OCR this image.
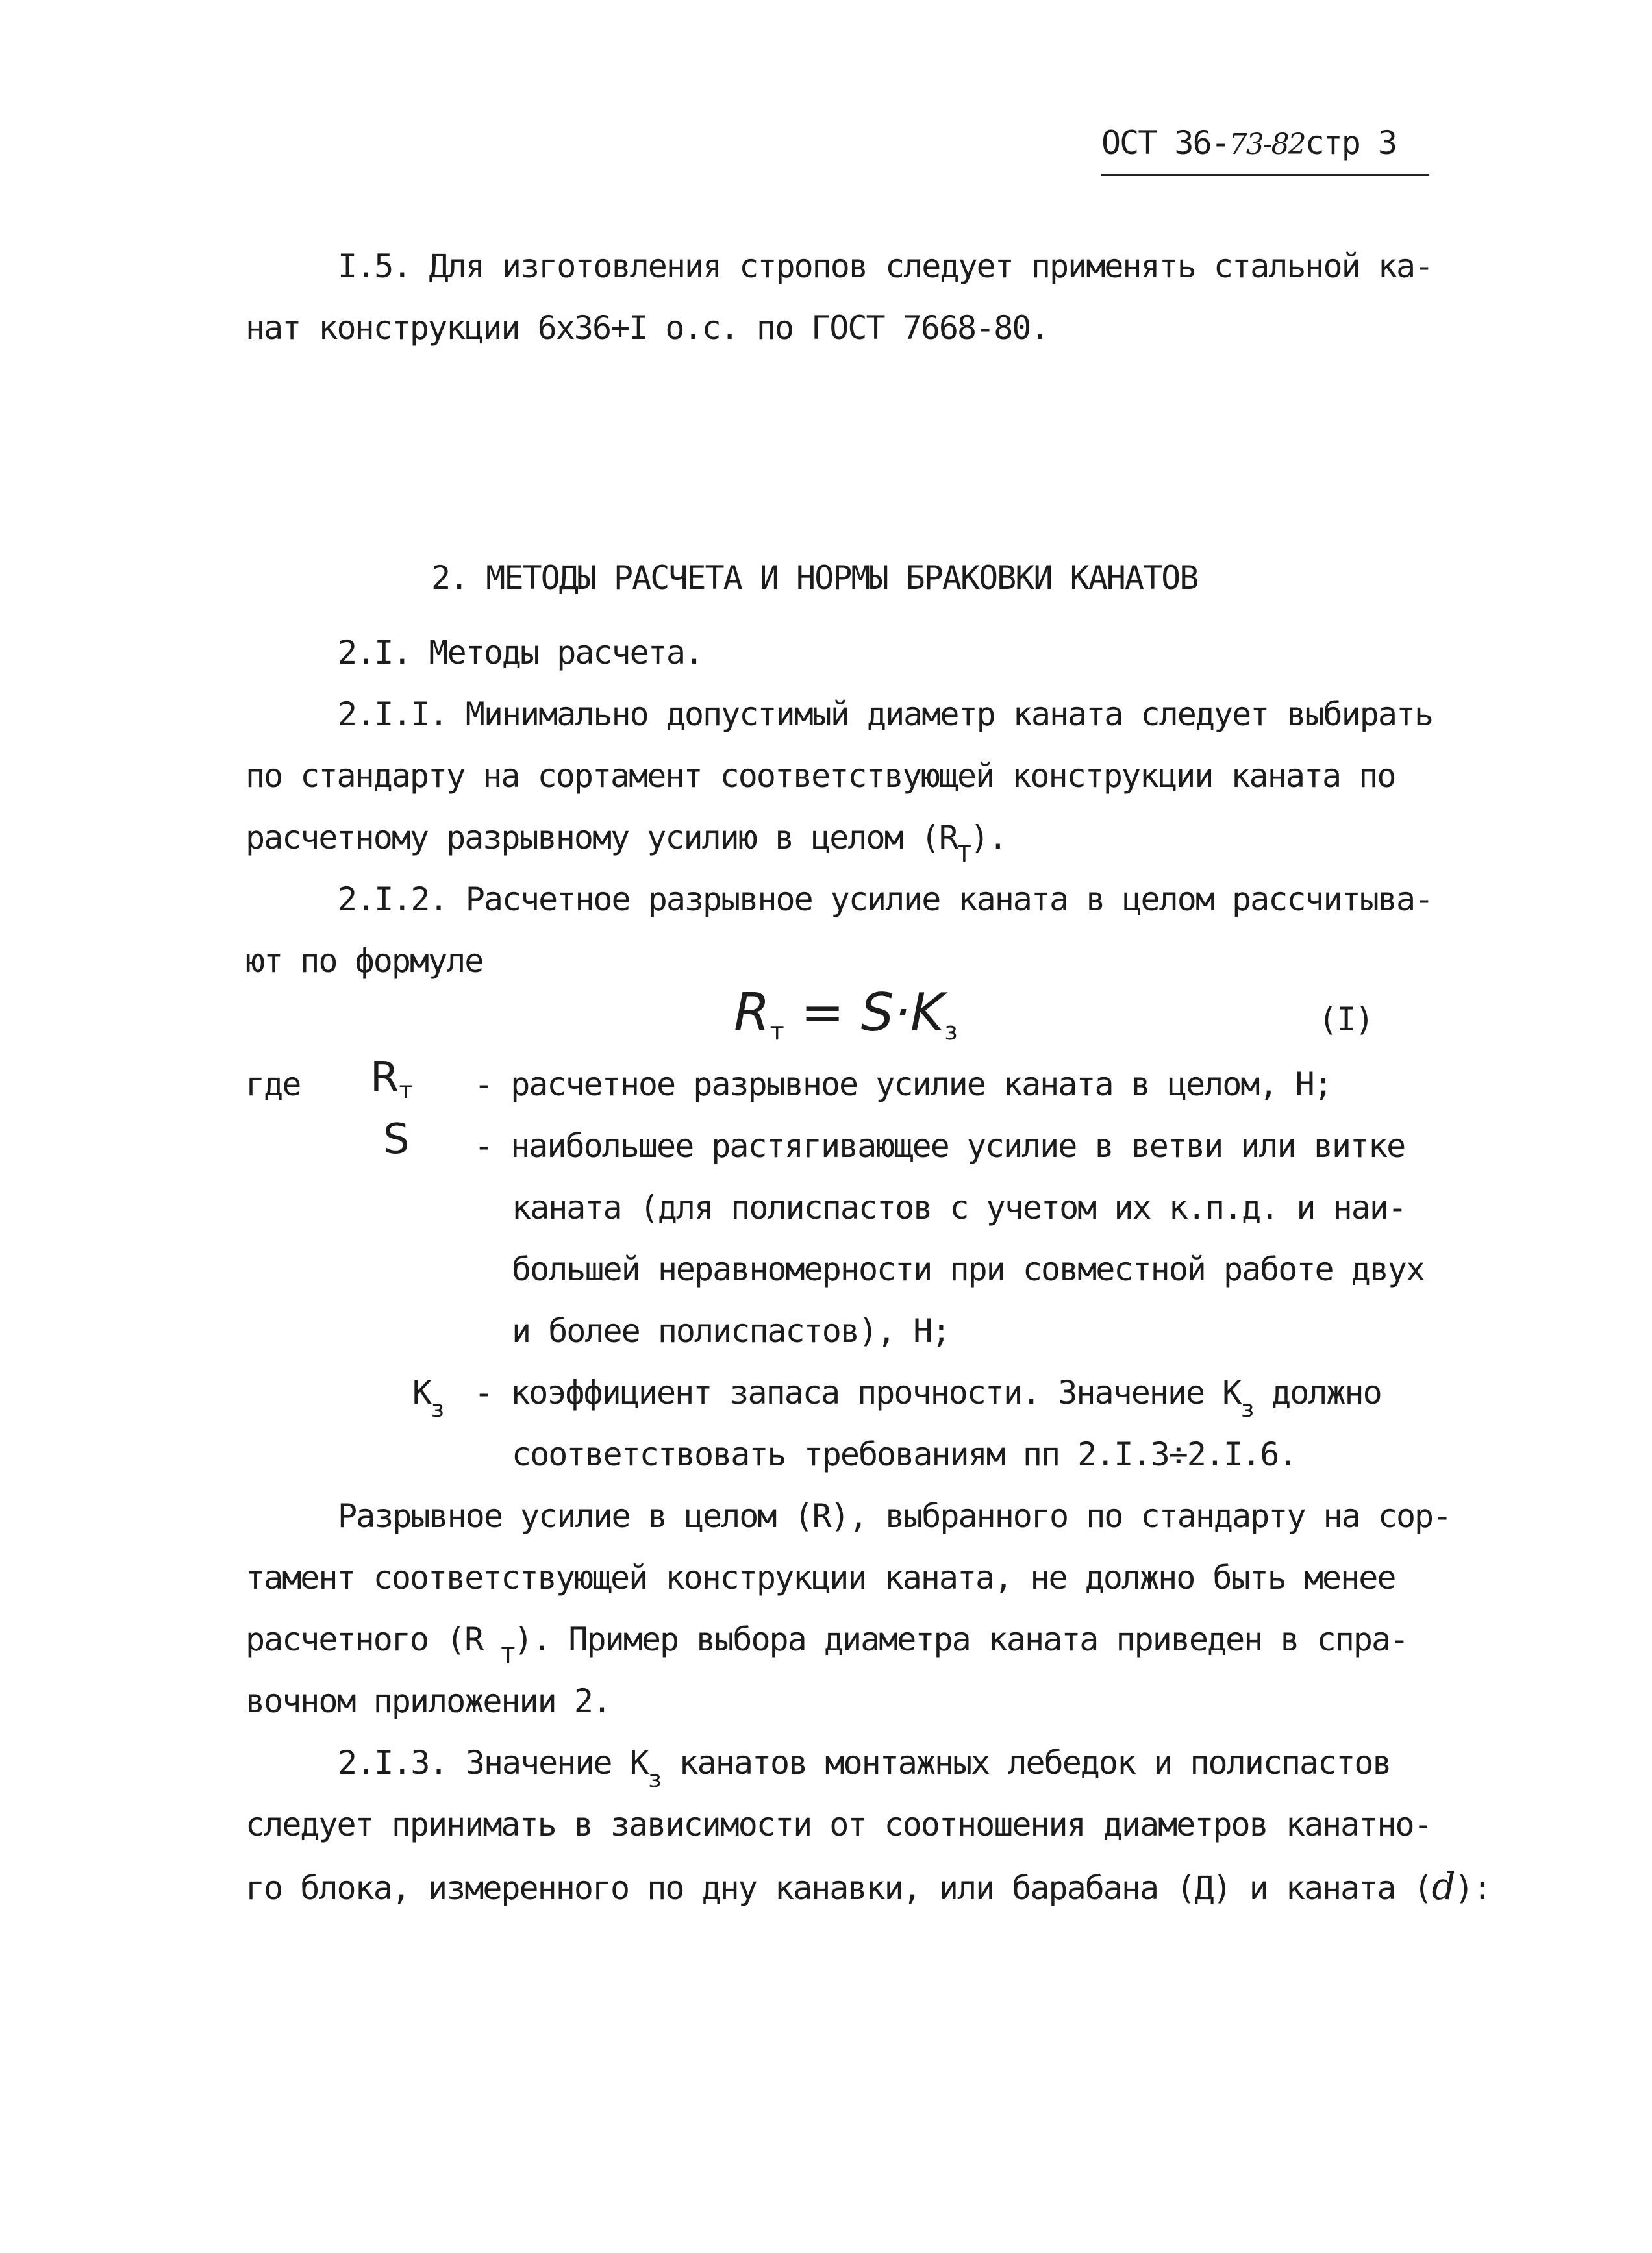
ОСТ 36-73-82стр 3
I.5. Для изготовления стропов следует применять стальной ка-
нат конструкции 6х36+I о.с. по ГОСТ 7668-80.
2. МЕТОДЫ РАСЧЕТА И НОРМЫ БРАКОВКИ КАНАТОВ
2.I. Методы расчета.
2.I.I. Минимально допустимый диаметр каната следует выбирать
по стандарту на сортамент соответствующей конструкции каната по
расчетному разрывному усилию в целом $(R_Т)$.
2.I.2. Расчетное разрывное усилие каната в целом рассчитыва-
ют по формуле
Rт = S·Kз	(I)
где Rт - расчетное разрывное усилие каната в целом, Н;
S - наибольшее растягивающее усилие в ветви или витке
каната (для полиспастов с учетом их к.п.д. и наи-
большей неравномерности при совместной работе двух
и более полиспастов), Н;
$К_з$ - коэффициент запаса прочности. Значение $К_з$ должно
соответствовать требованиям пп 2.I.3÷2.I.6.
Разрывное усилие в целом (R), выбранного по стандарту на сор-
тамент соответствующей конструкции каната, не должно быть менее
расчетного (R $_Т$). Пример выбора диаметра каната приведен в спра-
вочном приложении 2.
2.I.3. Значение $К_з$ канатов монтажных лебедок и полиспастов
следует принимать в зависимости от соотношения диаметров канатно-
го блока, измеренного по дну канавки, или барабана (Д) и каната (d):
